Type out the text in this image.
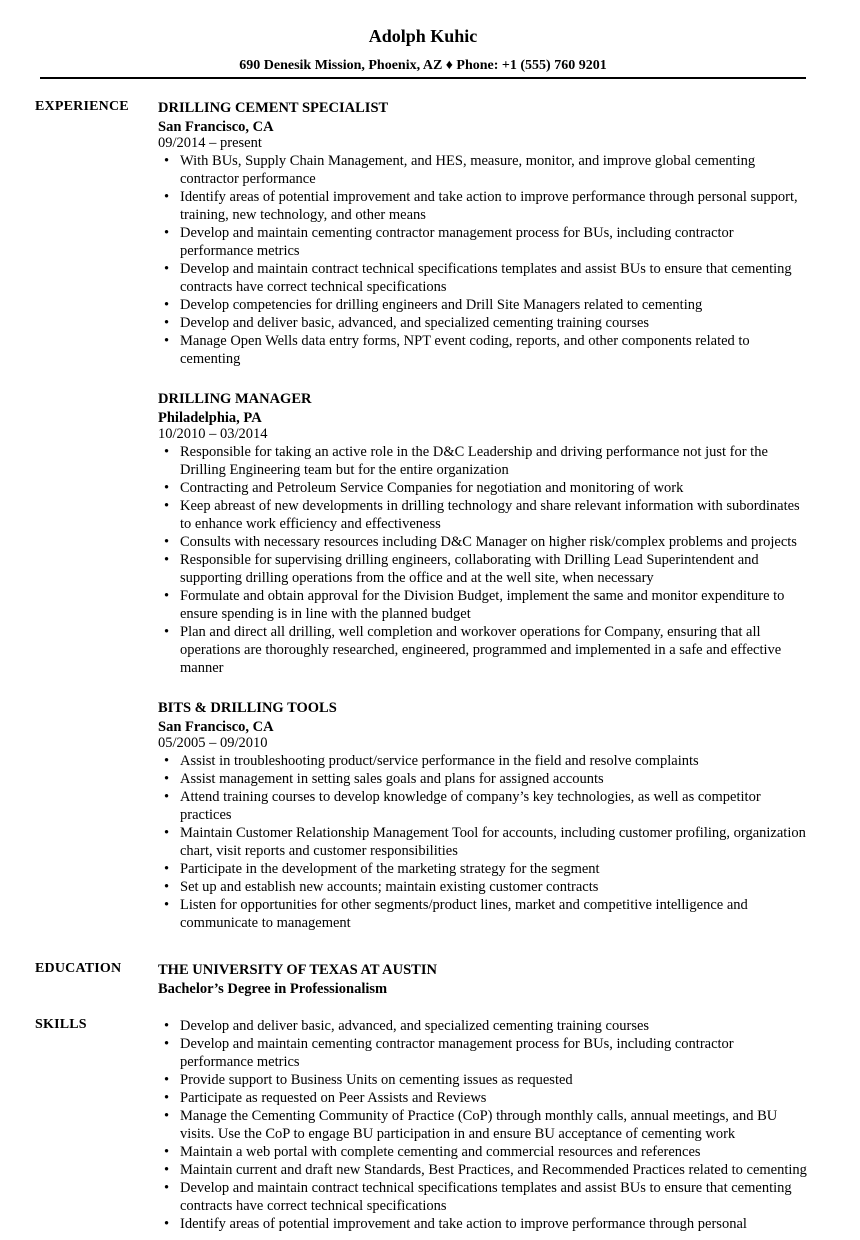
Adolph Kuhic
690 Denesik Mission, Phoenix, AZ ♦ Phone: +1 (555) 760 9201
EXPERIENCE DRILLING CEMENT SPECIALIST
San Francisco, CA
09/2014 – present
• With BUs, Supply Chain Management, and HES, measure, monitor, and improve global cementing contractor performance
• Identify areas of potential improvement and take action to improve performance through personal support, training, new technology, and other means
• Develop and maintain cementing contractor management process for BUs, including contractor performance metrics
• Develop and maintain contract technical specifications templates and assist BUs to ensure that cementing contracts have correct technical specifications
• Develop competencies for drilling engineers and Drill Site Managers related to cementing
• Develop and deliver basic, advanced, and specialized cementing training courses
• Manage Open Wells data entry forms, NPT event coding, reports, and other components related to cementing
DRILLING MANAGER
Philadelphia, PA
10/2010 – 03/2014
• Responsible for taking an active role in the D&C Leadership and driving performance not just for the Drilling Engineering team but for the entire organization
• Contracting and Petroleum Service Companies for negotiation and monitoring of work
• Keep abreast of new developments in drilling technology and share relevant information with subordinates to enhance work efficiency and effectiveness
• Consults with necessary resources including D&C Manager on higher risk/complex problems and projects
• Responsible for supervising drilling engineers, collaborating with Drilling Lead Superintendent and supporting drilling operations from the office and at the well site, when necessary
• Formulate and obtain approval for the Division Budget, implement the same and monitor expenditure to ensure spending is in line with the planned budget
• Plan and direct all drilling, well completion and workover operations for Company, ensuring that all operations are thoroughly researched, engineered, programmed and implemented in a safe and effective manner
BITS & DRILLING TOOLS
San Francisco, CA
05/2005 – 09/2010
• Assist in troubleshooting product/service performance in the field and resolve complaints
• Assist management in setting sales goals and plans for assigned accounts
• Attend training courses to develop knowledge of company’s key technologies, as well as competitor practices
• Maintain Customer Relationship Management Tool for accounts, including customer profiling, organization chart, visit reports and customer responsibilities
• Participate in the development of the marketing strategy for the segment
• Set up and establish new accounts; maintain existing customer contracts
• Listen for opportunities for other segments/product lines, market and competitive intelligence and communicate to management
EDUCATION	THE UNIVERSITY OF TEXAS AT AUSTIN
Bachelor’s Degree in Professionalism
SKILLS	• Develop and deliver basic, advanced, and specialized cementing training courses
• Develop and maintain cementing contractor management process for BUs, including contractor performance metrics
• Provide support to Business Units on cementing issues as requested
• Participate as requested on Peer Assists and Reviews
• Manage the Cementing Community of Practice (CoP) through monthly calls, annual meetings, and BU visits. Use the CoP to engage BU participation in and ensure BU acceptance of cementing work
• Maintain a web portal with complete cementing and commercial resources and references
• Maintain current and draft new Standards, Best Practices, and Recommended Practices related to cementing
• Develop and maintain contract technical specifications templates and assist BUs to ensure that cementing contracts have correct technical specifications
• Identify areas of potential improvement and take action to improve performance through personal
